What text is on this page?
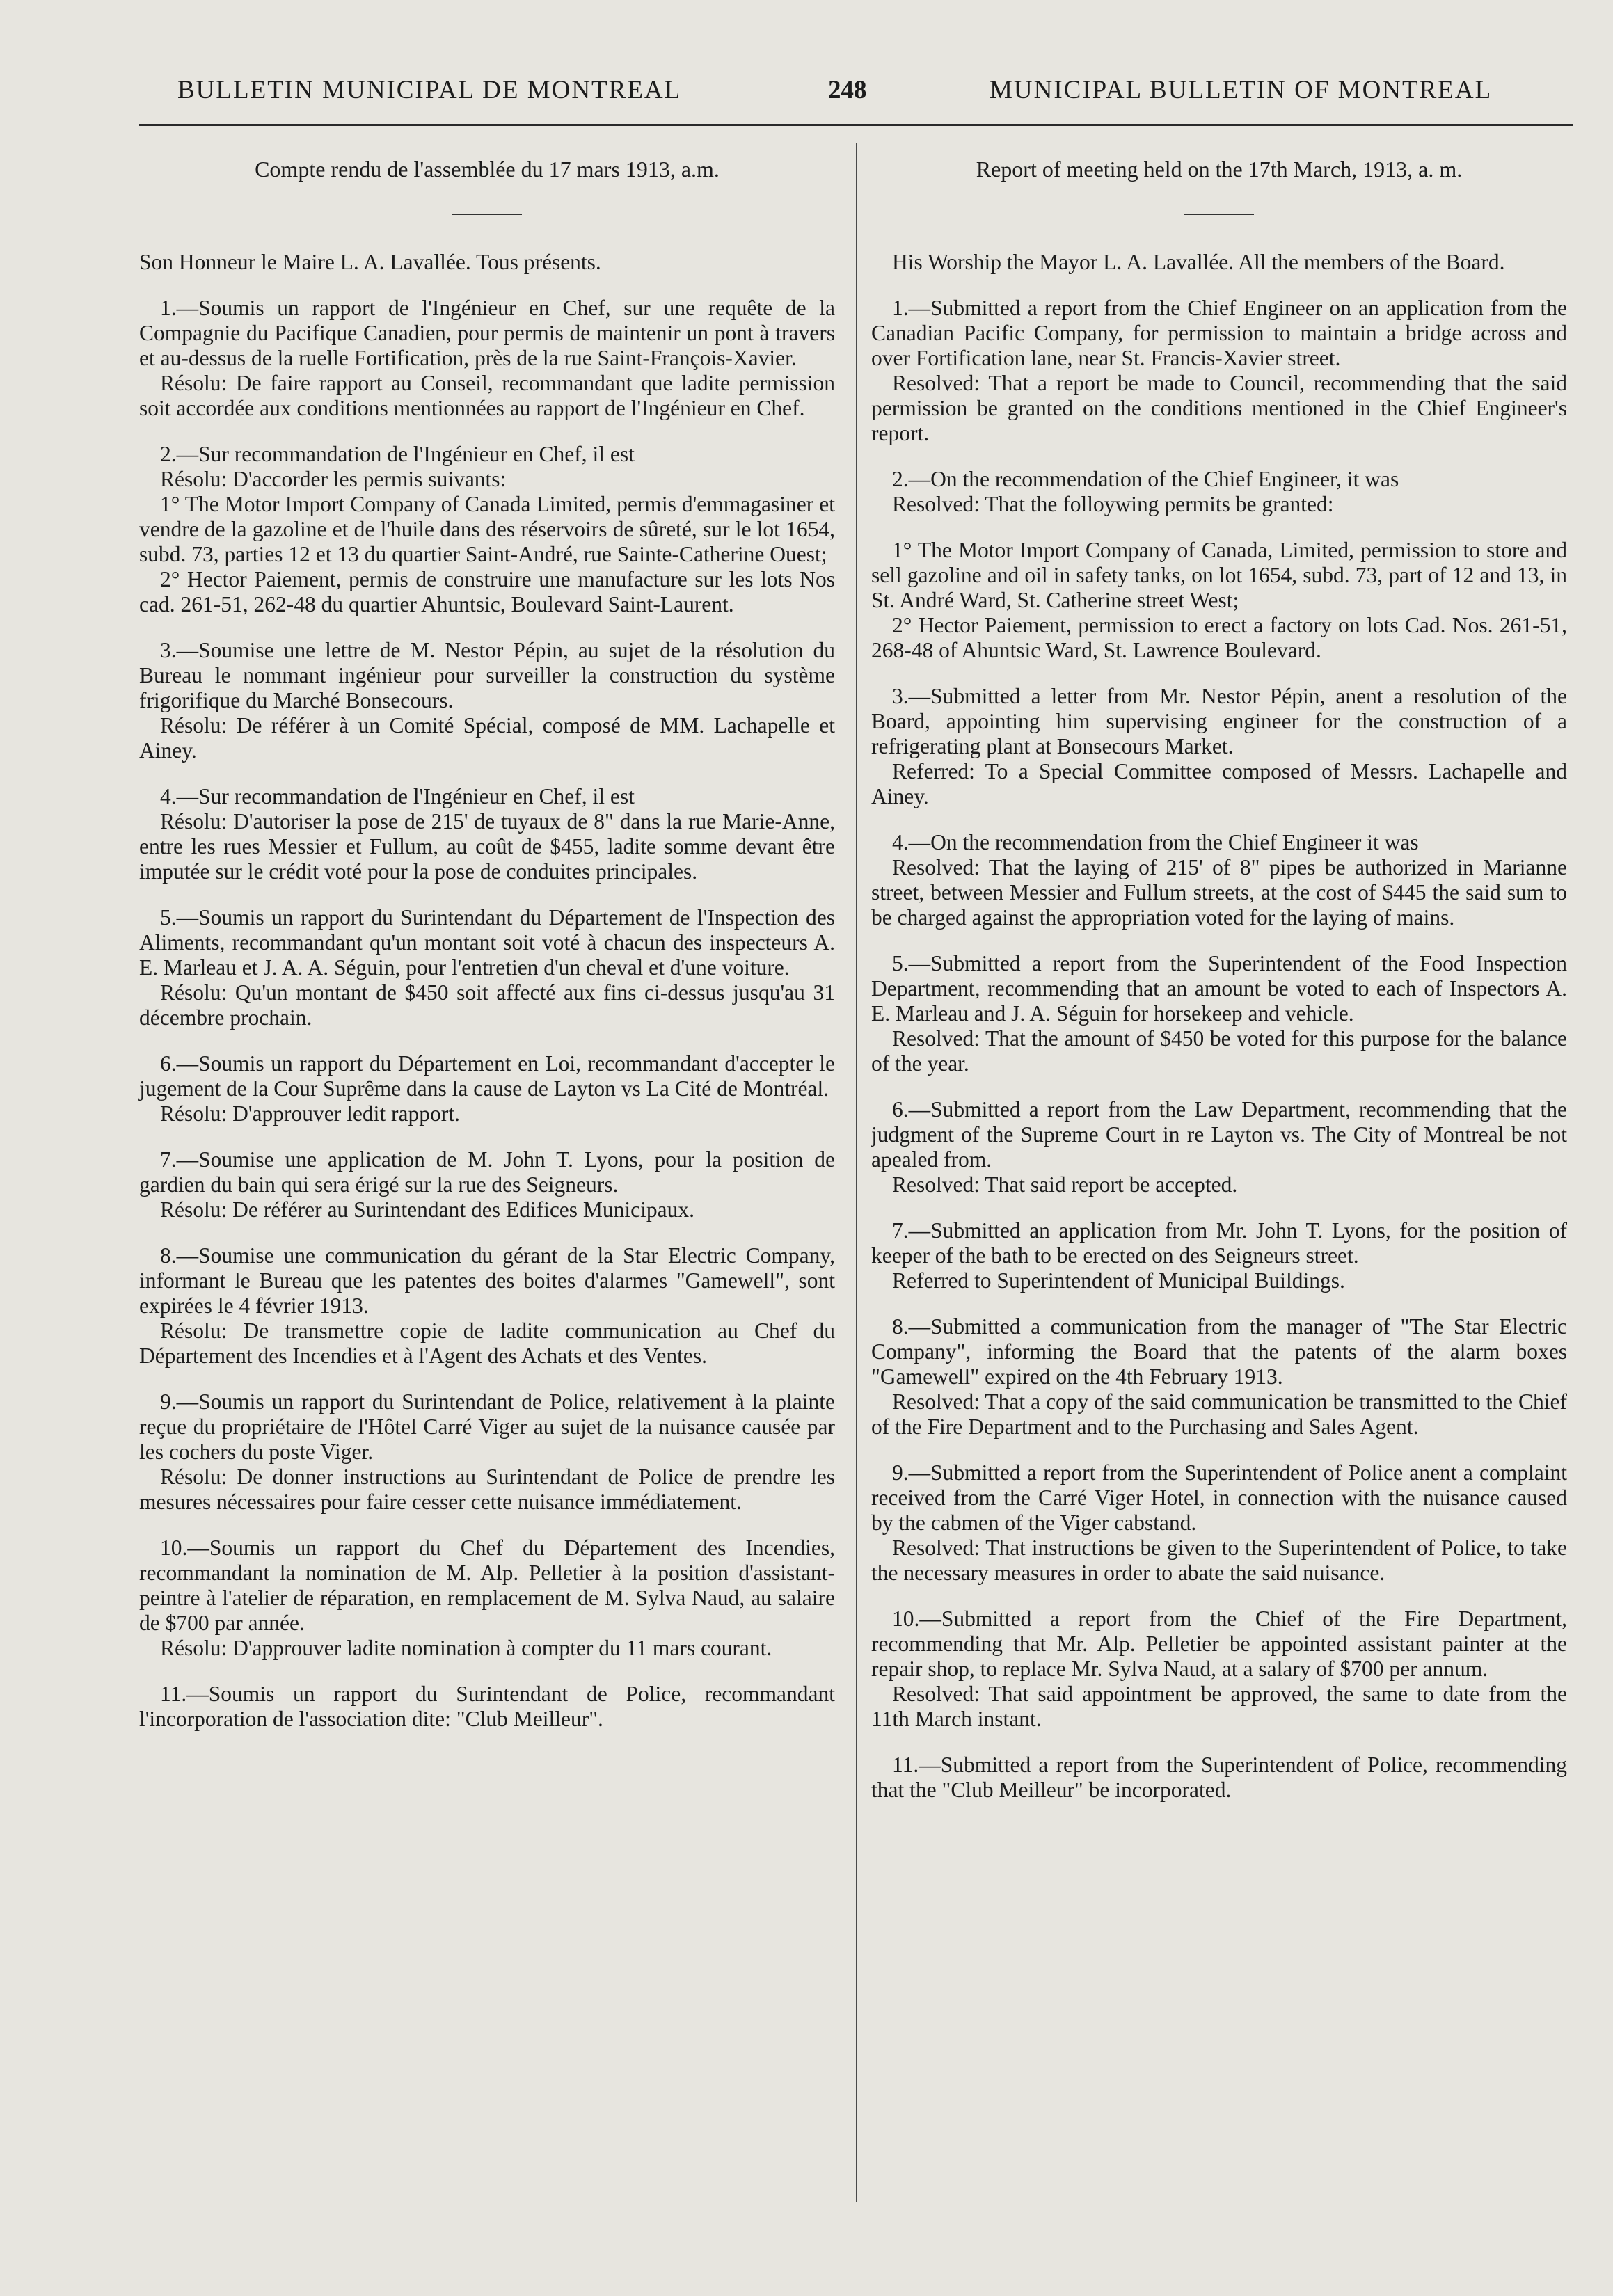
BULLETIN MUNICIPAL DE MONTREAL	248	MUNICIPAL BULLETIN OF MONTREAL

Compte rendu de l'assemblée du 17 mars 1913, a.m.

Son Honneur le Maire L. A. Lavallée. Tous présents.

1.—Soumis un rapport de l'Ingénieur en Chef, sur une requête de la Compagnie du Pacifique Canadien, pour permis de maintenir un pont à travers et au-dessus de la ruelle Fortification, près de la rue Saint-François-Xavier.

Résolu: De faire rapport au Conseil, recommandant que ladite permission soit accordée aux conditions mentionnées au rapport de l'Ingénieur en Chef.

2.—Sur recommandation de l'Ingénieur en Chef, il est

Résolu: D'accorder les permis suivants:

1° The Motor Import Company of Canada Limited, permis d'emmagasiner et vendre de la gazoline et de l'huile dans des réservoirs de sûreté, sur le lot 1654, subd. 73, parties 12 et 13 du quartier Saint-André, rue Sainte-Catherine Ouest;

2° Hector Paiement, permis de construire une manufacture sur les lots Nos cad. 261-51, 262-48 du quartier Ahuntsic, Boulevard Saint-Laurent.

3.—Soumise une lettre de M. Nestor Pépin, au sujet de la résolution du Bureau le nommant ingénieur pour surveiller la construction du système frigorifique du Marché Bonsecours.

Résolu: De référer à un Comité Spécial, composé de MM. Lachapelle et Ainey.

4.—Sur recommandation de l'Ingénieur en Chef, il est

Résolu: D'autoriser la pose de 215' de tuyaux de 8" dans la rue Marie-Anne, entre les rues Messier et Fullum, au coût de $455, ladite somme devant être imputée sur le crédit voté pour la pose de conduites principales.

5.—Soumis un rapport du Surintendant du Département de l'Inspection des Aliments, recommandant qu'un montant soit voté à chacun des inspecteurs A. E. Marleau et J. A. A. Séguin, pour l'entretien d'un cheval et d'une voiture.

Résolu: Qu'un montant de $450 soit affecté aux fins ci-dessus jusqu'au 31 décembre prochain.

6.—Soumis un rapport du Département en Loi, recommandant d'accepter le jugement de la Cour Suprême dans la cause de Layton vs La Cité de Montréal.

Résolu: D'approuver ledit rapport.

7.—Soumise une application de M. John T. Lyons, pour la position de gardien du bain qui sera érigé sur la rue des Seigneurs.

Résolu: De référer au Surintendant des Edifices Municipaux.

8.—Soumise une communication du gérant de la Star Electric Company, informant le Bureau que les patentes des boites d'alarmes "Gamewell", sont expirées le 4 février 1913.

Résolu: De transmettre copie de ladite communication au Chef du Département des Incendies et à l'Agent des Achats et des Ventes.

9.—Soumis un rapport du Surintendant de Police, relativement à la plainte reçue du propriétaire de l'Hôtel Carré Viger au sujet de la nuisance causée par les cochers du poste Viger.

Résolu: De donner instructions au Surintendant de Police de prendre les mesures nécessaires pour faire cesser cette nuisance immédiatement.

10.—Soumis un rapport du Chef du Département des Incendies, recommandant la nomination de M. Alp. Pelletier à la position d'assistant-peintre à l'atelier de réparation, en remplacement de M. Sylva Naud, au salaire de $700 par année.

Résolu: D'approuver ladite nomination à compter du 11 mars courant.

11.—Soumis un rapport du Surintendant de Police, recommandant l'incorporation de l'association dite: "Club Meilleur".

Report of meeting held on the 17th March, 1913, a. m.

His Worship the Mayor L. A. Lavallée. All the members of the Board.

1.—Submitted a report from the Chief Engineer on an application from the Canadian Pacific Company, for permission to maintain a bridge across and over Fortification lane, near St. Francis-Xavier street.

Resolved: That a report be made to Council, recommending that the said permission be granted on the conditions mentioned in the Chief Engineer's report.

2.—On the recommendation of the Chief Engineer, it was

Resolved: That the folloywing permits be granted:

1° The Motor Import Company of Canada, Limited, permission to store and sell gazoline and oil in safety tanks, on lot 1654, subd. 73, part of 12 and 13, in St. André Ward, St. Catherine street West;

2° Hector Paiement, permission to erect a factory on lots Cad. Nos. 261-51, 268-48 of Ahuntsic Ward, St. Lawrence Boulevard.

3.—Submitted a letter from Mr. Nestor Pépin, anent a resolution of the Board, appointing him supervising engineer for the construction of a refrigerating plant at Bonsecours Market.

Referred: To a Special Committee composed of Messrs. Lachapelle and Ainey.

4.—On the recommendation from the Chief Engineer it was

Resolved: That the laying of 215' of 8" pipes be authorized in Marianne street, between Messier and Fullum streets, at the cost of $445 the said sum to be charged against the appropriation voted for the laying of mains.

5.—Submitted a report from the Superintendent of the Food Inspection Department, recommending that an amount be voted to each of Inspectors A. E. Marleau and J. A. Séguin for horsekeep and vehicle.

Resolved: That the amount of $450 be voted for this purpose for the balance of the year.

6.—Submitted a report from the Law Department, recommending that the judgment of the Supreme Court in re Layton vs. The City of Montreal be not apealed from.

Resolved: That said report be accepted.

7.—Submitted an application from Mr. John T. Lyons, for the position of keeper of the bath to be erected on des Seigneurs street.

Referred to Superintendent of Municipal Buildings.

8.—Submitted a communication from the manager of "The Star Electric Company", informing the Board that the patents of the alarm boxes "Gamewell" expired on the 4th February 1913.

Resolved: That a copy of the said communication be transmitted to the Chief of the Fire Department and to the Purchasing and Sales Agent.

9.—Submitted a report from the Superintendent of Police anent a complaint received from the Carré Viger Hotel, in connection with the nuisance caused by the cabmen of the Viger cabstand.

Resolved: That instructions be given to the Superintendent of Police, to take the necessary measures in order to abate the said nuisance.

10.—Submitted a report from the Chief of the Fire Department, recommending that Mr. Alp. Pelletier be appointed assistant painter at the repair shop, to replace Mr. Sylva Naud, at a salary of $700 per annum.

Resolved: That said appointment be approved, the same to date from the 11th March instant.

11.—Submitted a report from the Superintendent of Police, recommending that the "Club Meilleur" be incorporated.
